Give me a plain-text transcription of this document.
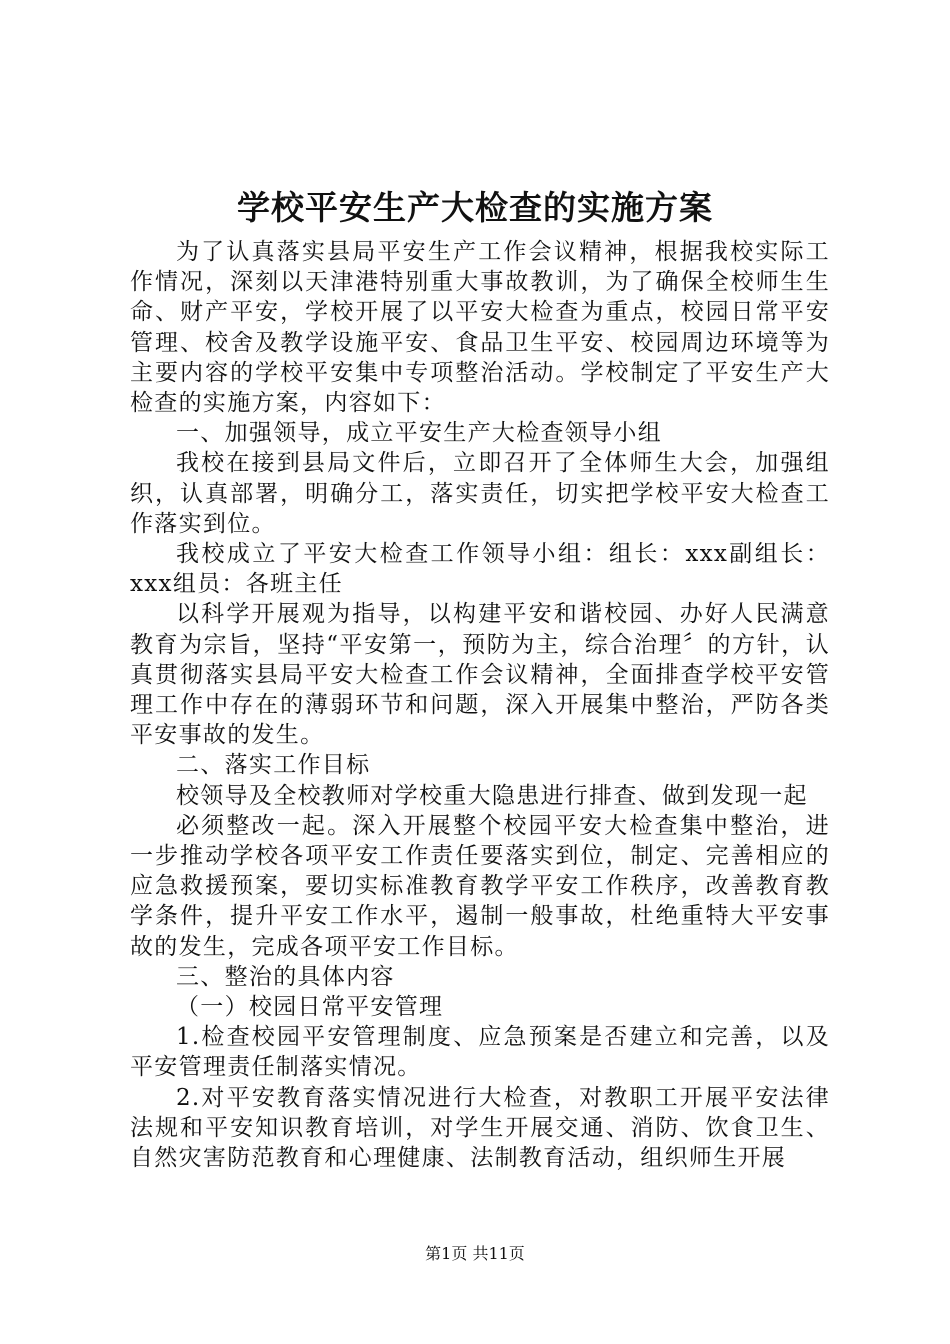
学校平安生产大检查的实施方案

为了认真落实县局平安生产工作会议精神，根据我校实际工作情况，深刻以天津港特别重大事故教训，为了确保全校师生生命、财产平安，学校开展了以平安大检查为重点，校园日常平安管理、校舍及教学设施平安、食品卫生平安、校园周边环境等为主要内容的学校平安集中专项整治活动。学校制定了平安生产大检查的实施方案，内容如下：

一、加强领导，成立平安生产大检查领导小组

我校在接到县局文件后，立即召开了全体师生大会，加强组织，认真部署，明确分工，落实责任，切实把学校平安大检查工作落实到位。

我校成立了平安大检查工作领导小组：组长：xxx副组长：xxx组员：各班主任

以科学开展观为指导，以构建平安和谐校园、办好人民满意教育为宗旨，坚持“平安第一，预防为主，综合治理〞的方针，认真贯彻落实县局平安大检查工作会议精神，全面排查学校平安管理工作中存在的薄弱环节和问题，深入开展集中整治，严防各类平安事故的发生。

二、落实工作目标

校领导及全校教师对学校重大隐患进行排查、做到发现一起

必须整改一起。深入开展整个校园平安大检查集中整治，进一步推动学校各项平安工作责任要落实到位，制定、完善相应的应急救援预案，要切实标准教育教学平安工作秩序，改善教育教学条件，提升平安工作水平，遏制一般事故，杜绝重特大平安事故的发生，完成各项平安工作目标。

三、整治的具体内容

（一）校园日常平安管理

1.检查校园平安管理制度、应急预案是否建立和完善，以及平安管理责任制落实情况。

2.对平安教育落实情况进行大检查，对教职工开展平安法律法规和平安知识教育培训，对学生开展交通、消防、饮食卫生、自然灾害防范教育和心理健康、法制教育活动，组织师生开展

第1页 共11页
